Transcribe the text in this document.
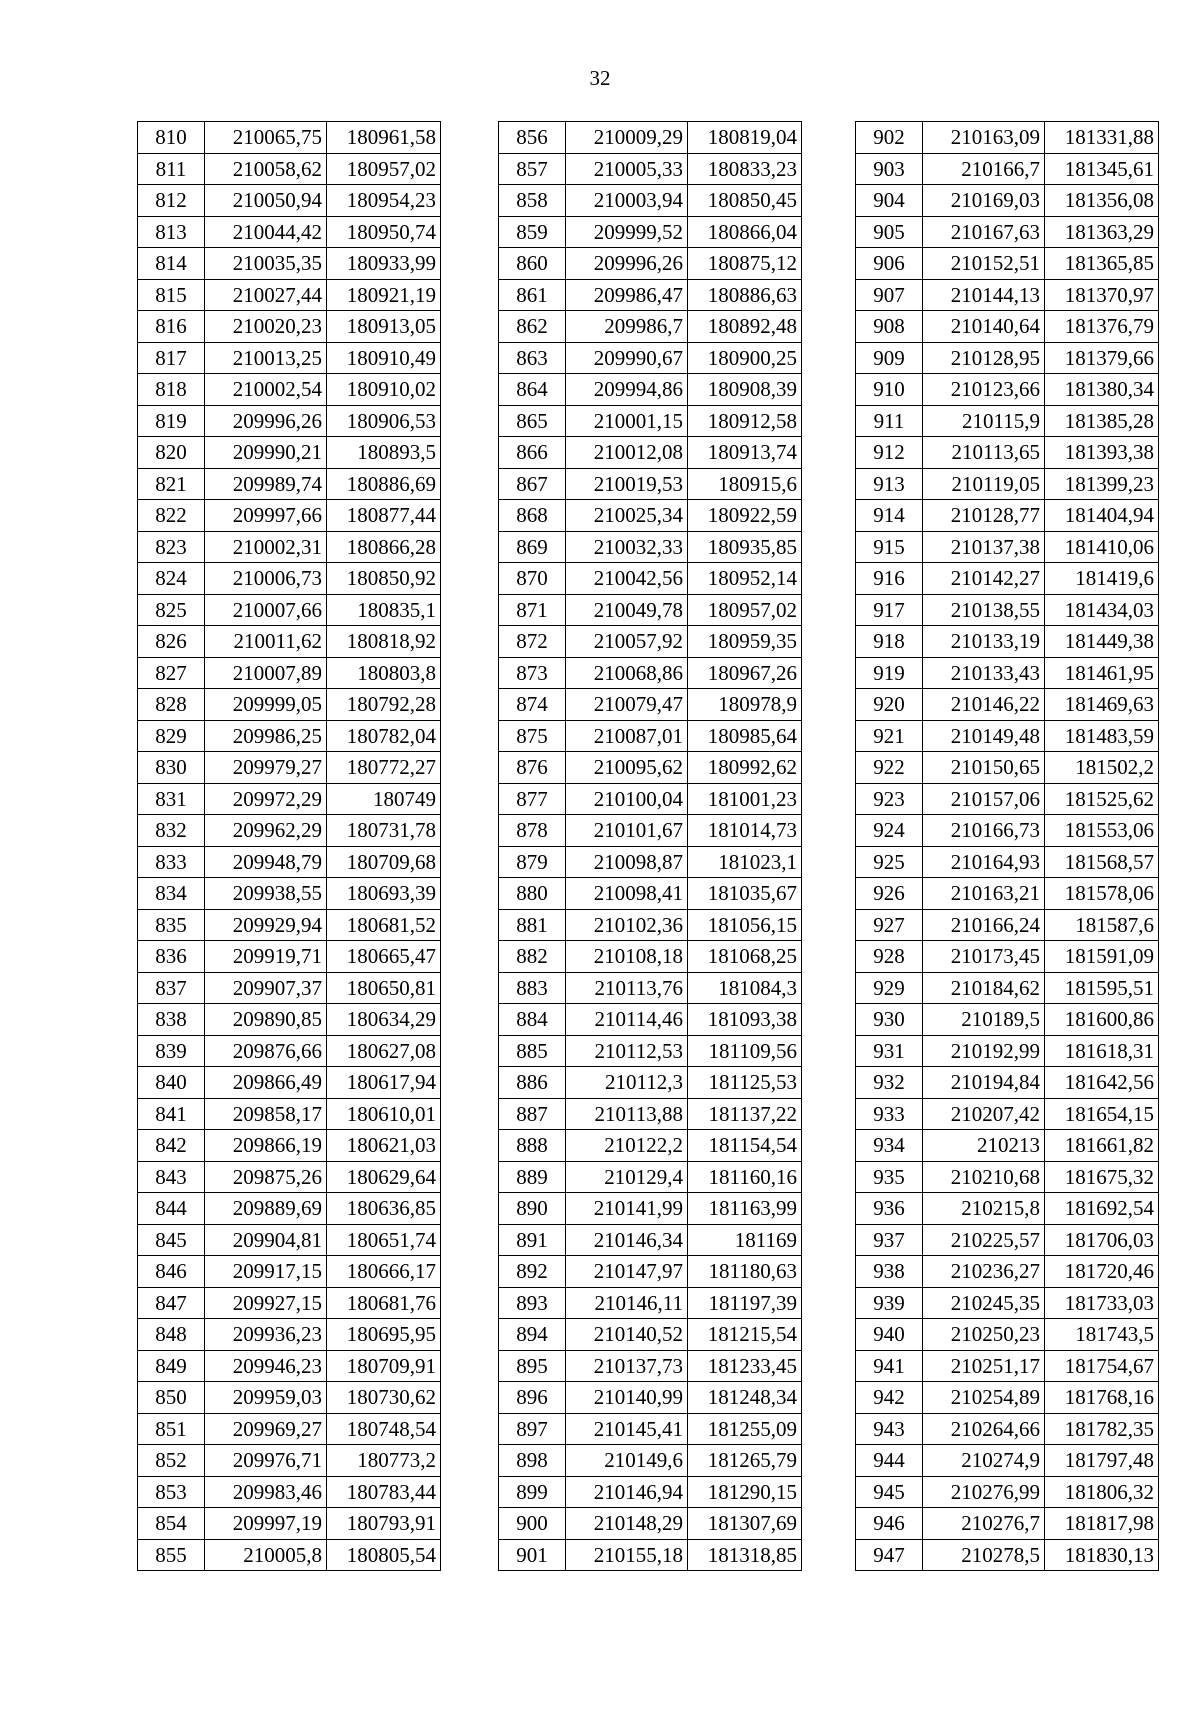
32
810	210065,75	180961,58
811	210058,62	180957,02
812	210050,94	180954,23
813	210044,42	180950,74
814	210035,35	180933,99
815	210027,44	180921,19
816	210020,23	180913,05
817	210013,25	180910,49
818	210002,54	180910,02
819	209996,26	180906,53
820	209990,21	180893,5
821	209989,74	180886,69
822	209997,66	180877,44
823	210002,31	180866,28
824	210006,73	180850,92
825	210007,66	180835,1
826	210011,62	180818,92
827	210007,89	180803,8
828	209999,05	180792,28
829	209986,25	180782,04
830	209979,27	180772,27
831	209972,29	180749
832	209962,29	180731,78
833	209948,79	180709,68
834	209938,55	180693,39
835	209929,94	180681,52
836	209919,71	180665,47
837	209907,37	180650,81
838	209890,85	180634,29
839	209876,66	180627,08
840	209866,49	180617,94
841	209858,17	180610,01
842	209866,19	180621,03
843	209875,26	180629,64
844	209889,69	180636,85
845	209904,81	180651,74
846	209917,15	180666,17
847	209927,15	180681,76
848	209936,23	180695,95
849	209946,23	180709,91
850	209959,03	180730,62
851	209969,27	180748,54
852	209976,71	180773,2
853	209983,46	180783,44
854	209997,19	180793,91
855	210005,8	180805,54
856	210009,29	180819,04
857	210005,33	180833,23
858	210003,94	180850,45
859	209999,52	180866,04
860	209996,26	180875,12
861	209986,47	180886,63
862	209986,7	180892,48
863	209990,67	180900,25
864	209994,86	180908,39
865	210001,15	180912,58
866	210012,08	180913,74
867	210019,53	180915,6
868	210025,34	180922,59
869	210032,33	180935,85
870	210042,56	180952,14
871	210049,78	180957,02
872	210057,92	180959,35
873	210068,86	180967,26
874	210079,47	180978,9
875	210087,01	180985,64
876	210095,62	180992,62
877	210100,04	181001,23
878	210101,67	181014,73
879	210098,87	181023,1
880	210098,41	181035,67
881	210102,36	181056,15
882	210108,18	181068,25
883	210113,76	181084,3
884	210114,46	181093,38
885	210112,53	181109,56
886	210112,3	181125,53
887	210113,88	181137,22
888	210122,2	181154,54
889	210129,4	181160,16
890	210141,99	181163,99
891	210146,34	181169
892	210147,97	181180,63
893	210146,11	181197,39
894	210140,52	181215,54
895	210137,73	181233,45
896	210140,99	181248,34
897	210145,41	181255,09
898	210149,6	181265,79
899	210146,94	181290,15
900	210148,29	181307,69
901	210155,18	181318,85
902	210163,09	181331,88
903	210166,7	181345,61
904	210169,03	181356,08
905	210167,63	181363,29
906	210152,51	181365,85
907	210144,13	181370,97
908	210140,64	181376,79
909	210128,95	181379,66
910	210123,66	181380,34
911	210115,9	181385,28
912	210113,65	181393,38
913	210119,05	181399,23
914	210128,77	181404,94
915	210137,38	181410,06
916	210142,27	181419,6
917	210138,55	181434,03
918	210133,19	181449,38
919	210133,43	181461,95
920	210146,22	181469,63
921	210149,48	181483,59
922	210150,65	181502,2
923	210157,06	181525,62
924	210166,73	181553,06
925	210164,93	181568,57
926	210163,21	181578,06
927	210166,24	181587,6
928	210173,45	181591,09
929	210184,62	181595,51
930	210189,5	181600,86
931	210192,99	181618,31
932	210194,84	181642,56
933	210207,42	181654,15
934	210213	181661,82
935	210210,68	181675,32
936	210215,8	181692,54
937	210225,57	181706,03
938	210236,27	181720,46
939	210245,35	181733,03
940	210250,23	181743,5
941	210251,17	181754,67
942	210254,89	181768,16
943	210264,66	181782,35
944	210274,9	181797,48
945	210276,99	181806,32
946	210276,7	181817,98
947	210278,5	181830,13
